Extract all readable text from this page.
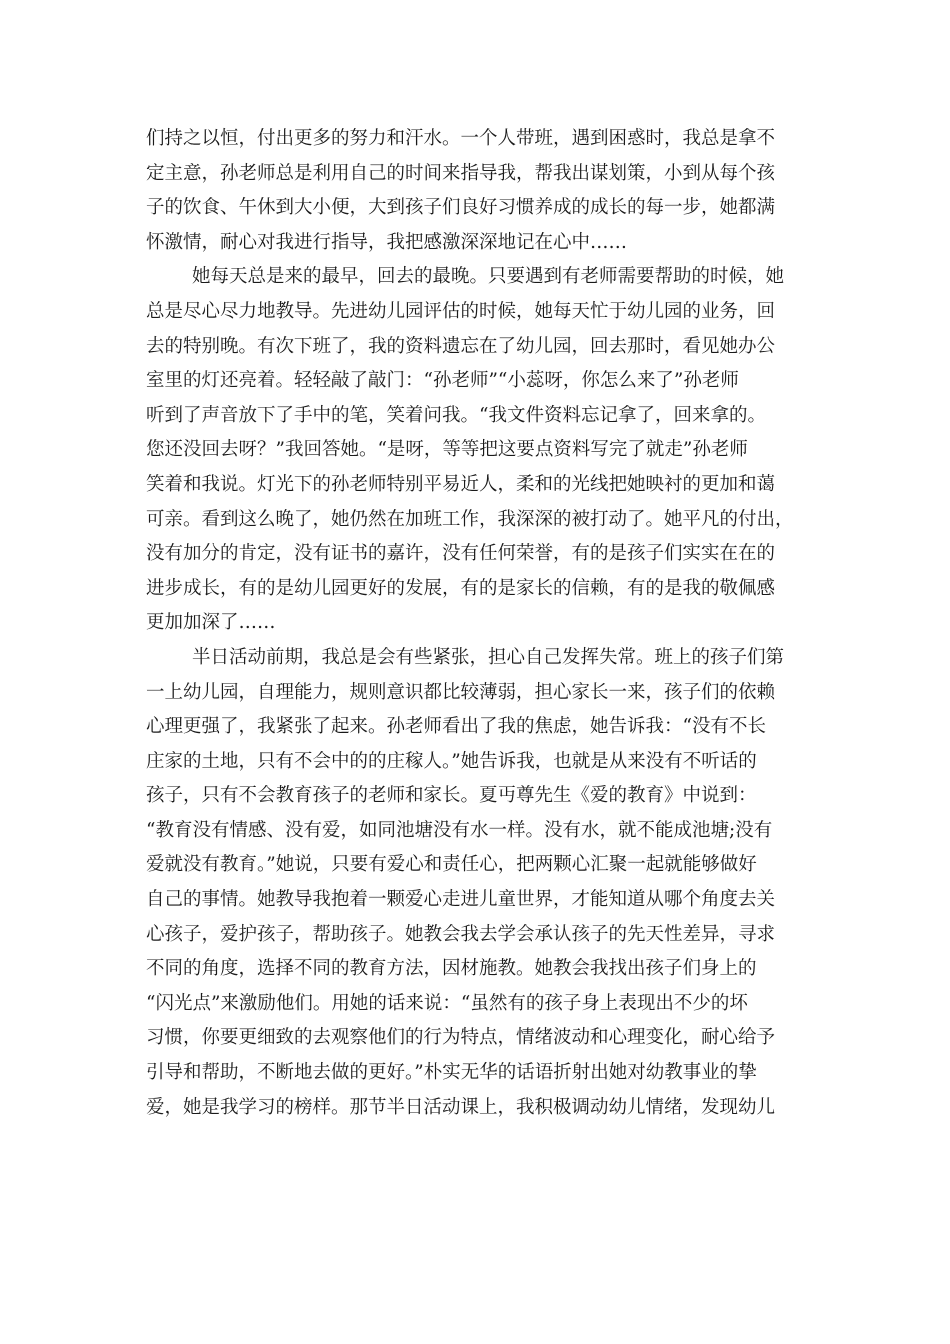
们持之以恒，付出更多的努力和汗水。一个人带班，遇到困惑时，我总是拿不
定主意，孙老师总是利用自己的时间来指导我，帮我出谋划策，小到从每个孩
子的饮食、午休到大小便，大到孩子们良好习惯养成的成长的每一步，她都满
怀激情，耐心对我进行指导，我把感激深深地记在心中……
她每天总是来的最早，回去的最晚。只要遇到有老师需要帮助的时候，她
总是尽心尽力地教导。先进幼儿园评估的时候，她每天忙于幼儿园的业务，回
去的特别晚。有次下班了，我的资料遗忘在了幼儿园，回去那时，看见她办公
室里的灯还亮着。轻轻敲了敲门：“孙老师”“小蕊呀，你怎么来了”孙老师
听到了声音放下了手中的笔，笑着问我。“我文件资料忘记拿了，回来拿的。
您还没回去呀？”我回答她。“是呀，等等把这要点资料写完了就走”孙老师
笑着和我说。灯光下的孙老师特别平易近人，柔和的光线把她映衬的更加和蔼
可亲。看到这么晚了，她仍然在加班工作，我深深的被打动了。她平凡的付出，
没有加分的肯定，没有证书的嘉许，没有任何荣誉，有的是孩子们实实在在的
进步成长，有的是幼儿园更好的发展，有的是家长的信赖，有的是我的敬佩感
更加加深了……
半日活动前期，我总是会有些紧张，担心自己发挥失常。班上的孩子们第
一上幼儿园，自理能力，规则意识都比较薄弱，担心家长一来，孩子们的依赖
心理更强了，我紧张了起来。孙老师看出了我的焦虑，她告诉我：“没有不长
庄家的土地，只有不会中的的庄稼人。”她告诉我，也就是从来没有不听话的
孩子，只有不会教育孩子的老师和家长。夏丏尊先生《爱的教育》中说到：
“教育没有情感、没有爱，如同池塘没有水一样。没有水，就不能成池塘;没有
爱就没有教育。”她说，只要有爱心和责任心，把两颗心汇聚一起就能够做好
自己的事情。她教导我抱着一颗爱心走进儿童世界，才能知道从哪个角度去关
心孩子，爱护孩子，帮助孩子。她教会我去学会承认孩子的先天性差异，寻求
不同的角度，选择不同的教育方法，因材施教。她教会我找出孩子们身上的
“闪光点”来激励他们。用她的话来说：“虽然有的孩子身上表现出不少的坏
习惯，你要更细致的去观察他们的行为特点，情绪波动和心理变化，耐心给予
引导和帮助，不断地去做的更好。”朴实无华的话语折射出她对幼教事业的挚
爱，她是我学习的榜样。那节半日活动课上，我积极调动幼儿情绪，发现幼儿
